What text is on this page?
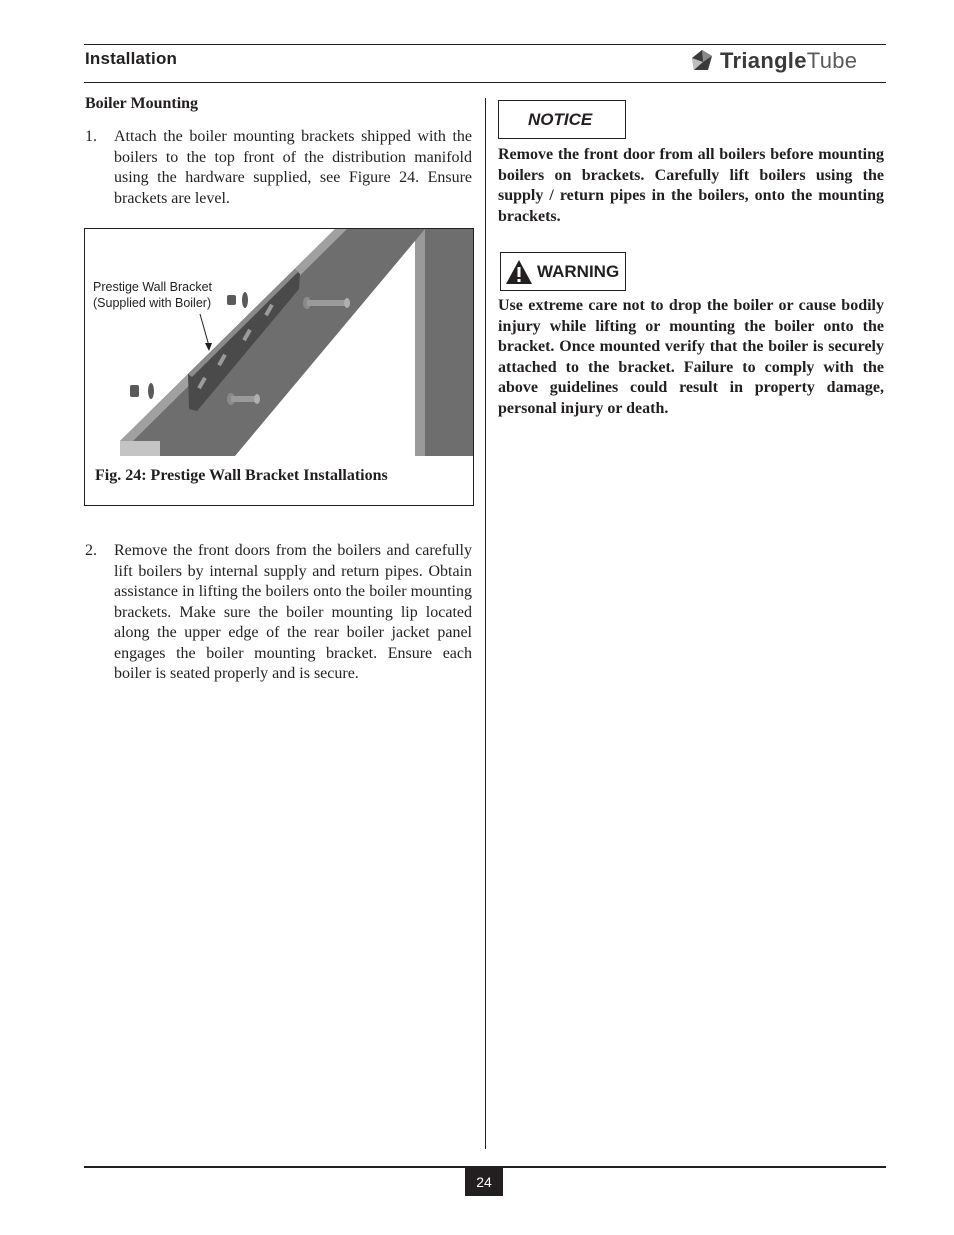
Installation	TriangleTube
Boiler Mounting
1. Attach the boiler mounting brackets shipped with the boilers to the top front of the distribution manifold using the hardware supplied, see Figure 24. Ensure brackets are level.
Prestige Wall Bracket
(Supplied with Boiler)
Fig. 24: Prestige Wall Bracket Installations
2. Remove the front doors from the boilers and carefully lift boilers by internal supply and return pipes. Obtain assistance in lifting the boilers onto the boiler mounting brackets. Make sure the boiler mounting lip located along the upper edge of the rear boiler jacket panel engages the boiler mounting bracket. Ensure each boiler is seated properly and is secure.
NOTICE
Remove the front door from all boilers before mounting boilers on brackets. Carefully lift boilers using the supply / return pipes in the boilers, onto the mounting brackets.
WARNING
Use extreme care not to drop the boiler or cause bodily injury while lifting or mounting the boiler onto the bracket. Once mounted verify that the boiler is securely attached to the bracket. Failure to comply with the above guidelines could result in property damage, personal injury or death.
24
